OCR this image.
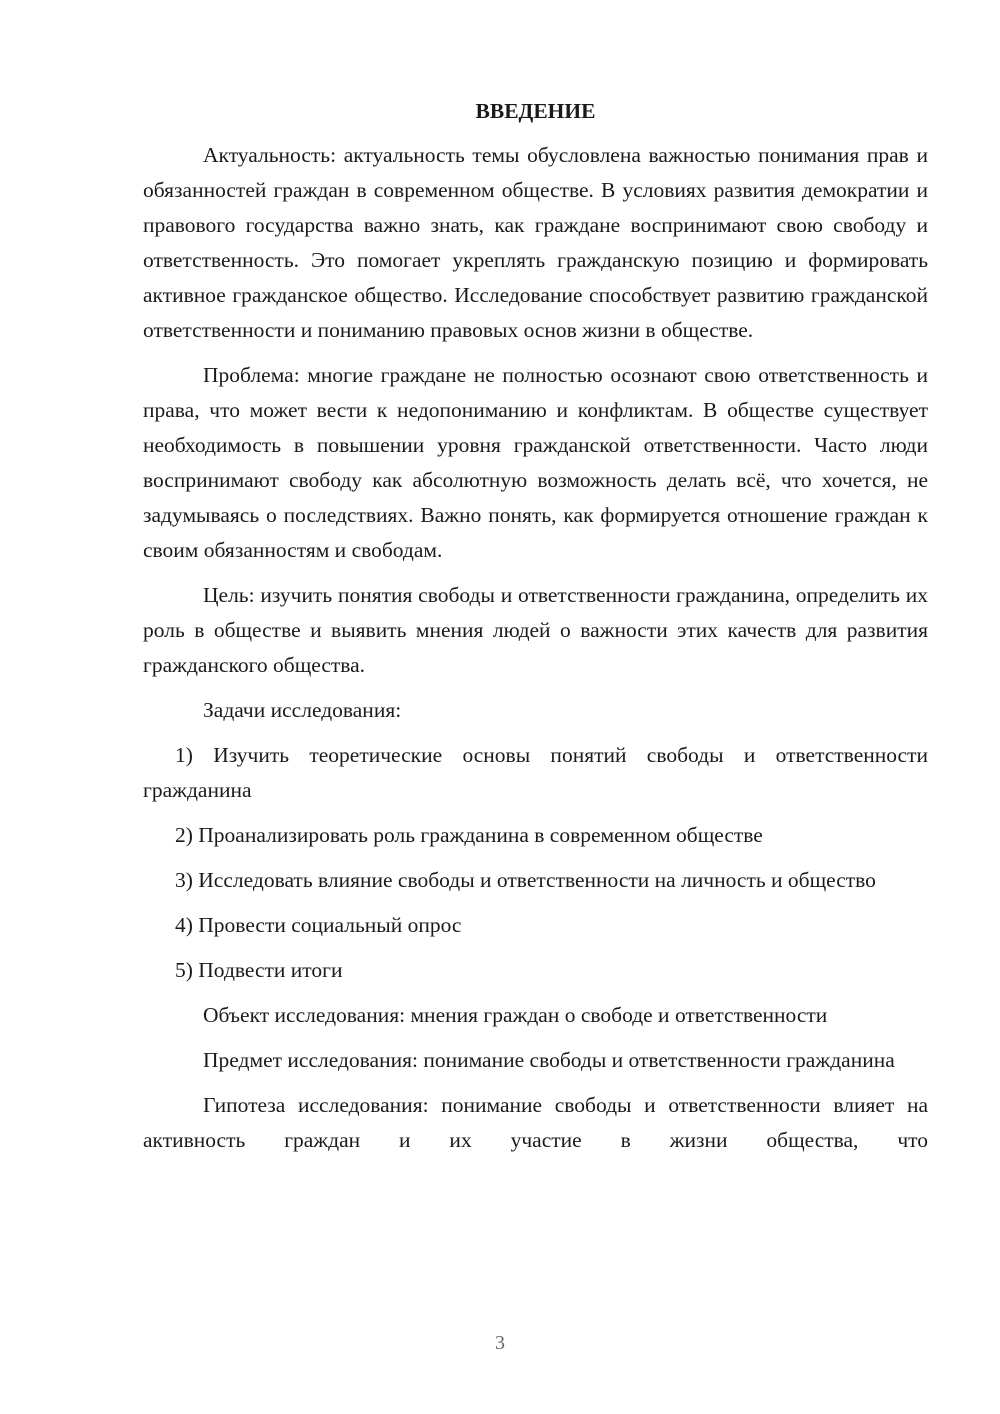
ВВЕДЕНИЕ

Актуальность: актуальность темы обусловлена важностью понимания прав и обязанностей граждан в современном обществе. В условиях развития демократии и правового государства важно знать, как граждане воспринимают свою свободу и ответственность. Это помогает укреплять гражданскую позицию и формировать активное гражданское общество. Исследование способствует развитию гражданской ответственности и пониманию правовых основ жизни в обществе.

Проблема: многие граждане не полностью осознают свою ответственность и права, что может вести к недопониманию и конфликтам. В обществе существует необходимость в повышении уровня гражданской ответственности. Часто люди воспринимают свободу как абсолютную возможность делать всё, что хочется, не задумываясь о последствиях. Важно понять, как формируется отношение граждан к своим обязанностям и свободам.

Цель: изучить понятия свободы и ответственности гражданина, определить их роль в обществе и выявить мнения людей о важности этих качеств для развития гражданского общества.

Задачи исследования:

1) Изучить теоретические основы понятий свободы и ответственности гражданина

2) Проанализировать роль гражданина в современном обществе

3) Исследовать влияние свободы и ответственности на личность и общество

4) Провести социальный опрос

5) Подвести итоги

Объект исследования: мнения граждан о свободе и ответственности

Предмет исследования: понимание свободы и ответственности гражданина

Гипотеза исследования: понимание свободы и ответственности влияет на активность граждан и их участие в жизни общества, что

3
